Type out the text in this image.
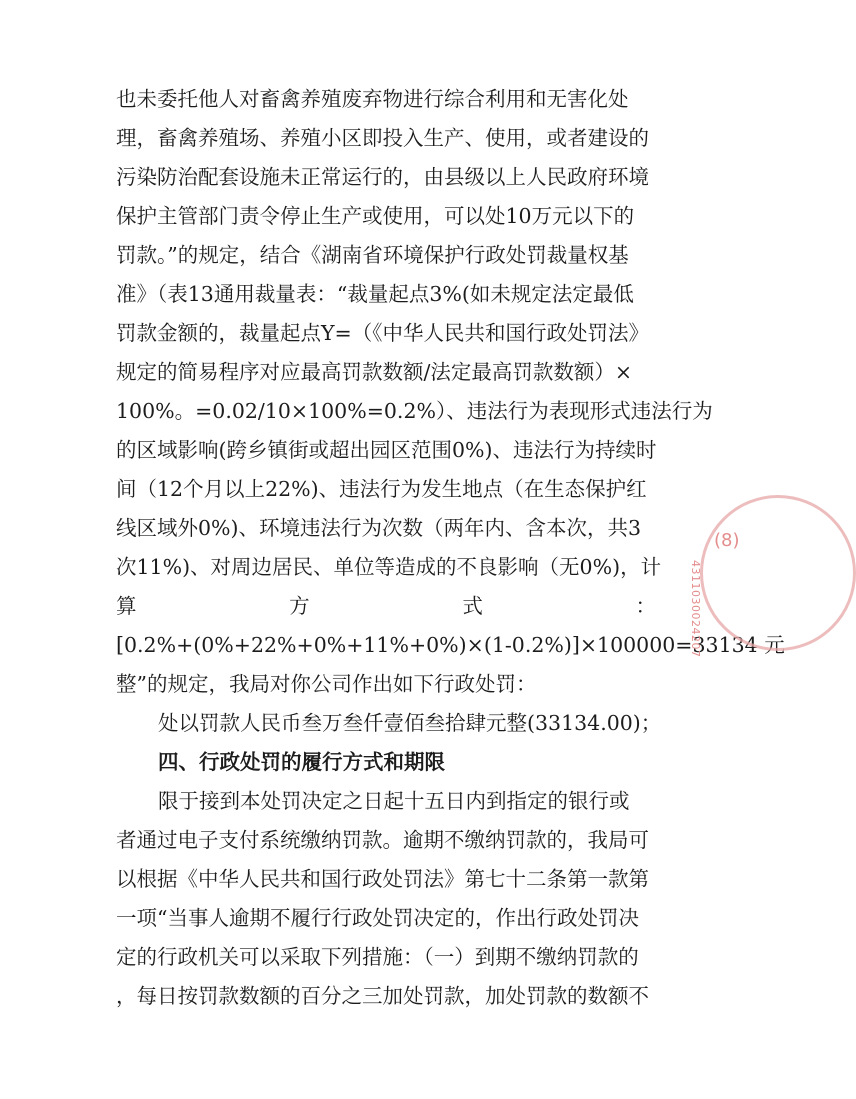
也未委托他人对畜禽养殖废弃物进行综合利用和无害化处
理，畜禽养殖场、养殖小区即投入生产、使用，或者建设的
污染防治配套设施未正常运行的，由县级以上人民政府环境
保护主管部门责令停止生产或使用，可以处10万元以下的
罚款。”的规定，结合《湖南省环境保护行政处罚裁量权基
准》（表13通用裁量表：“裁量起点3%(如未规定法定最低
罚款金额的，裁量起点Y=（《中华人民共和国行政处罚法》
规定的简易程序对应最高罚款数额/法定最高罚款数额）×
100%。=0.02/10×100%=0.2%）、违法行为表现形式违法行为
的区域影响(跨乡镇街或超出园区范围0%)、违法行为持续时
间（12个月以上22%)、违法行为发生地点（在生态保护红
线区域外0%)、环境违法行为次数（两年内、含本次，共3
次11%)、对周边居民、单位等造成的不良影响（无0%)，计
算	方	式	：
[0.2%+(0%+22%+0%+11%+0%)×(1-0.2%)]×100000=33134 元
整”的规定，我局对你公司作出如下行政处罚：
处以罚款人民币叁万叁仟壹佰叁拾肆元整(33134.00)；
四、行政处罚的履行方式和期限
限于接到本处罚决定之日起十五日内到指定的银行或
者通过电子支付系统缴纳罚款。逾期不缴纳罚款的，我局可
以根据《中华人民共和国行政处罚法》第七十二条第一款第
一项“当事人逾期不履行行政处罚决定的，作出行政处罚决
定的行政机关可以采取下列措施：（一）到期不缴纳罚款的
，每日按罚款数额的百分之三加处罚款，加处罚款的数额不
(8)
4311030024207
